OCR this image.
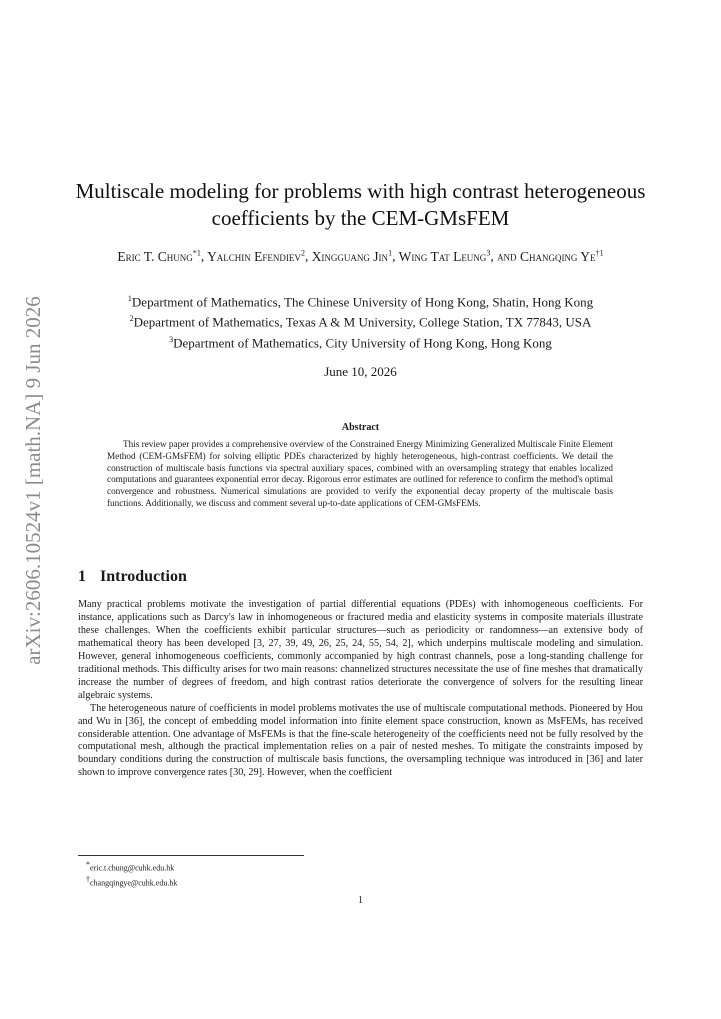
arXiv:2606.10524v1 [math.NA] 9 Jun 2026
Multiscale modeling for problems with high contrast heterogeneous coefficients by the CEM-GMsFEM
Eric T. Chung$^{*1}$, Yalchin Efendiev$^2$, Xingguang Jin$^1$, Wing Tat Leung$^3$, and Changqing Ye$^{\dagger 1}$
$^1$Department of Mathematics, The Chinese University of Hong Kong, Shatin, Hong Kong
$^2$Department of Mathematics, Texas A & M University, College Station, TX 77843, USA
$^3$Department of Mathematics, City University of Hong Kong, Hong Kong
June 10, 2026
Abstract
This review paper provides a comprehensive overview of the Constrained Energy Minimizing Generalized Multiscale Finite Element Method (CEM-GMsFEM) for solving elliptic PDEs characterized by highly heterogeneous, high-contrast coefficients. We detail the construction of multiscale basis functions via spectral auxiliary spaces, combined with an oversampling strategy that enables localized computations and guarantees exponential error decay. Rigorous error estimates are outlined for reference to confirm the method's optimal convergence and robustness. Numerical simulations are provided to verify the exponential decay property of the multiscale basis functions. Additionally, we discuss and comment several up-to-date applications of CEM-GMsFEMs.
1 Introduction

Many practical problems motivate the investigation of partial differential equations (PDEs) with inhomogeneous coefficients. For instance, applications such as Darcy's law in inhomogeneous or fractured media and elasticity systems in composite materials illustrate these challenges. When the coefficients exhibit particular structures—such as periodicity or randomness—an extensive body of mathematical theory has been developed [3, 27, 39, 49, 26, 25, 24, 55, 54, 2], which underpins multiscale modeling and simulation. However, general inhomogeneous coefficients, commonly accompanied by high contrast channels, pose a long-standing challenge for traditional methods. This difficulty arises for two main reasons: channelized structures necessitate the use of fine meshes that dramatically increase the number of degrees of freedom, and high contrast ratios deteriorate the convergence of solvers for the resulting linear algebraic systems.

The heterogeneous nature of coefficients in model problems motivates the use of multiscale computational methods. Pioneered by Hou and Wu in [36], the concept of embedding model information into finite element space construction, known as MsFEMs, has received considerable attention. One advantage of MsFEMs is that the fine-scale heterogeneity of the coefficients need not be fully resolved by the computational mesh, although the practical implementation relies on a pair of nested meshes. To mitigate the constraints imposed by boundary conditions during the construction of multiscale basis functions, the oversampling technique was introduced in [36] and later shown to improve convergence rates [30, 29]. However, when the coefficient

*eric.t.chung@cuhk.edu.hk
†changqingye@cuhk.edu.hk
1
